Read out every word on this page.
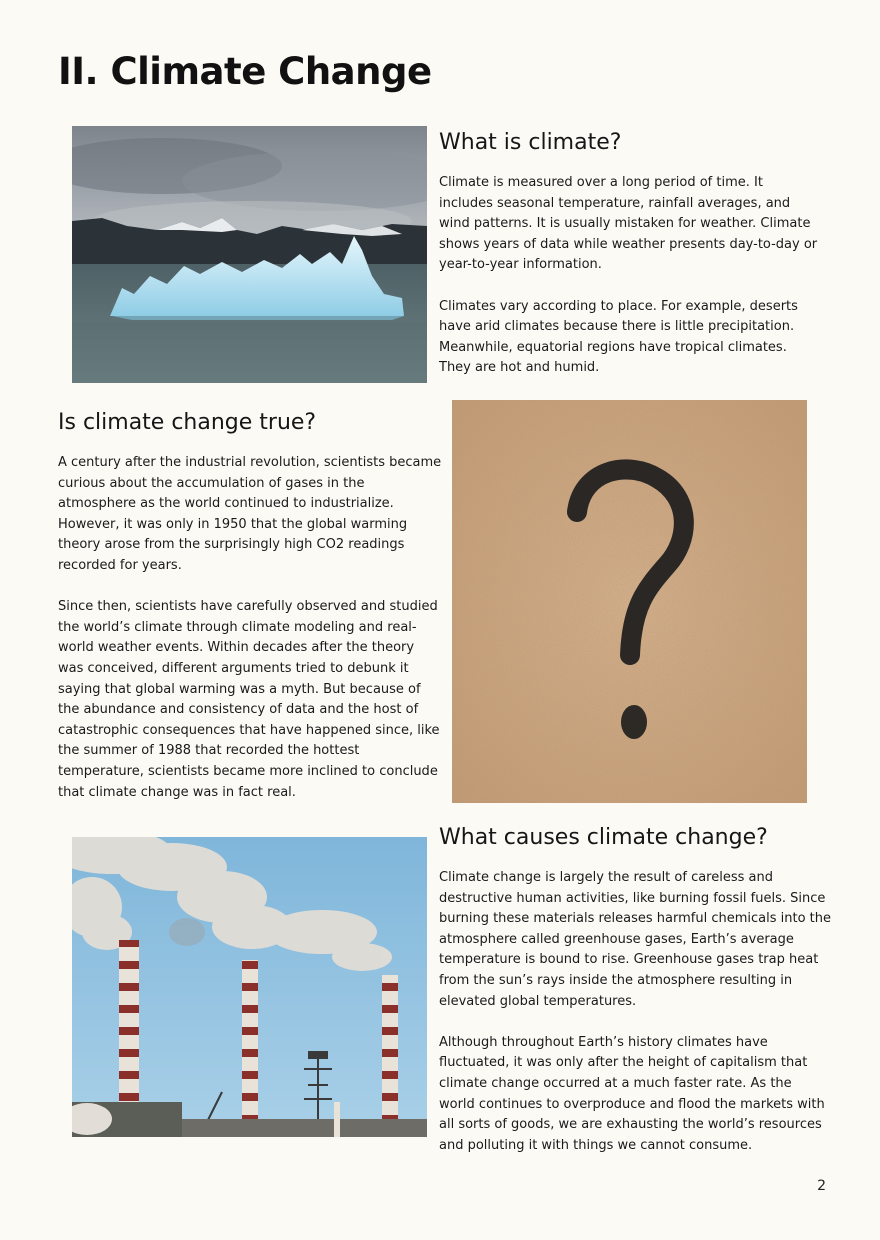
II. Climate Change
What is climate?

Climate is measured over a long period of time. It includes seasonal temperature, rainfall averages, and wind patterns. It is usually mistaken for weather. Climate shows years of data while weather presents day-to-day or year-to-year information.

Climates vary according to place. For example, deserts have arid climates because there is little precipitation. Meanwhile, equatorial regions have tropical climates. They are hot and humid.

Is climate change true?

A century after the industrial revolution, scientists became curious about the accumulation of gases in the atmosphere as the world continued to industrialize. However, it was only in 1950 that the global warming theory arose from the surprisingly high CO2 readings recorded for years.

Since then, scientists have carefully observed and studied the world’s climate through climate modeling and real-world weather events. Within decades after the theory was conceived, different arguments tried to debunk it saying that global warming was a myth. But because of the abundance and consistency of data and the host of catastrophic consequences that have happened since, like the summer of 1988 that recorded the hottest temperature, scientists became more inclined to conclude that climate change was in fact real.

What causes climate change?

Climate change is largely the result of careless and destructive human activities, like burning fossil fuels. Since burning these materials releases harmful chemicals into the atmosphere called greenhouse gases, Earth’s average temperature is bound to rise. Greenhouse gases trap heat from the sun’s rays inside the atmosphere resulting in elevated global temperatures.

Although throughout Earth’s history climates have fluctuated, it was only after the height of capitalism that climate change occurred at a much faster rate. As the world continues to overproduce and flood the markets with all sorts of goods, we are exhausting the world’s resources and polluting it with things we cannot consume.

2
